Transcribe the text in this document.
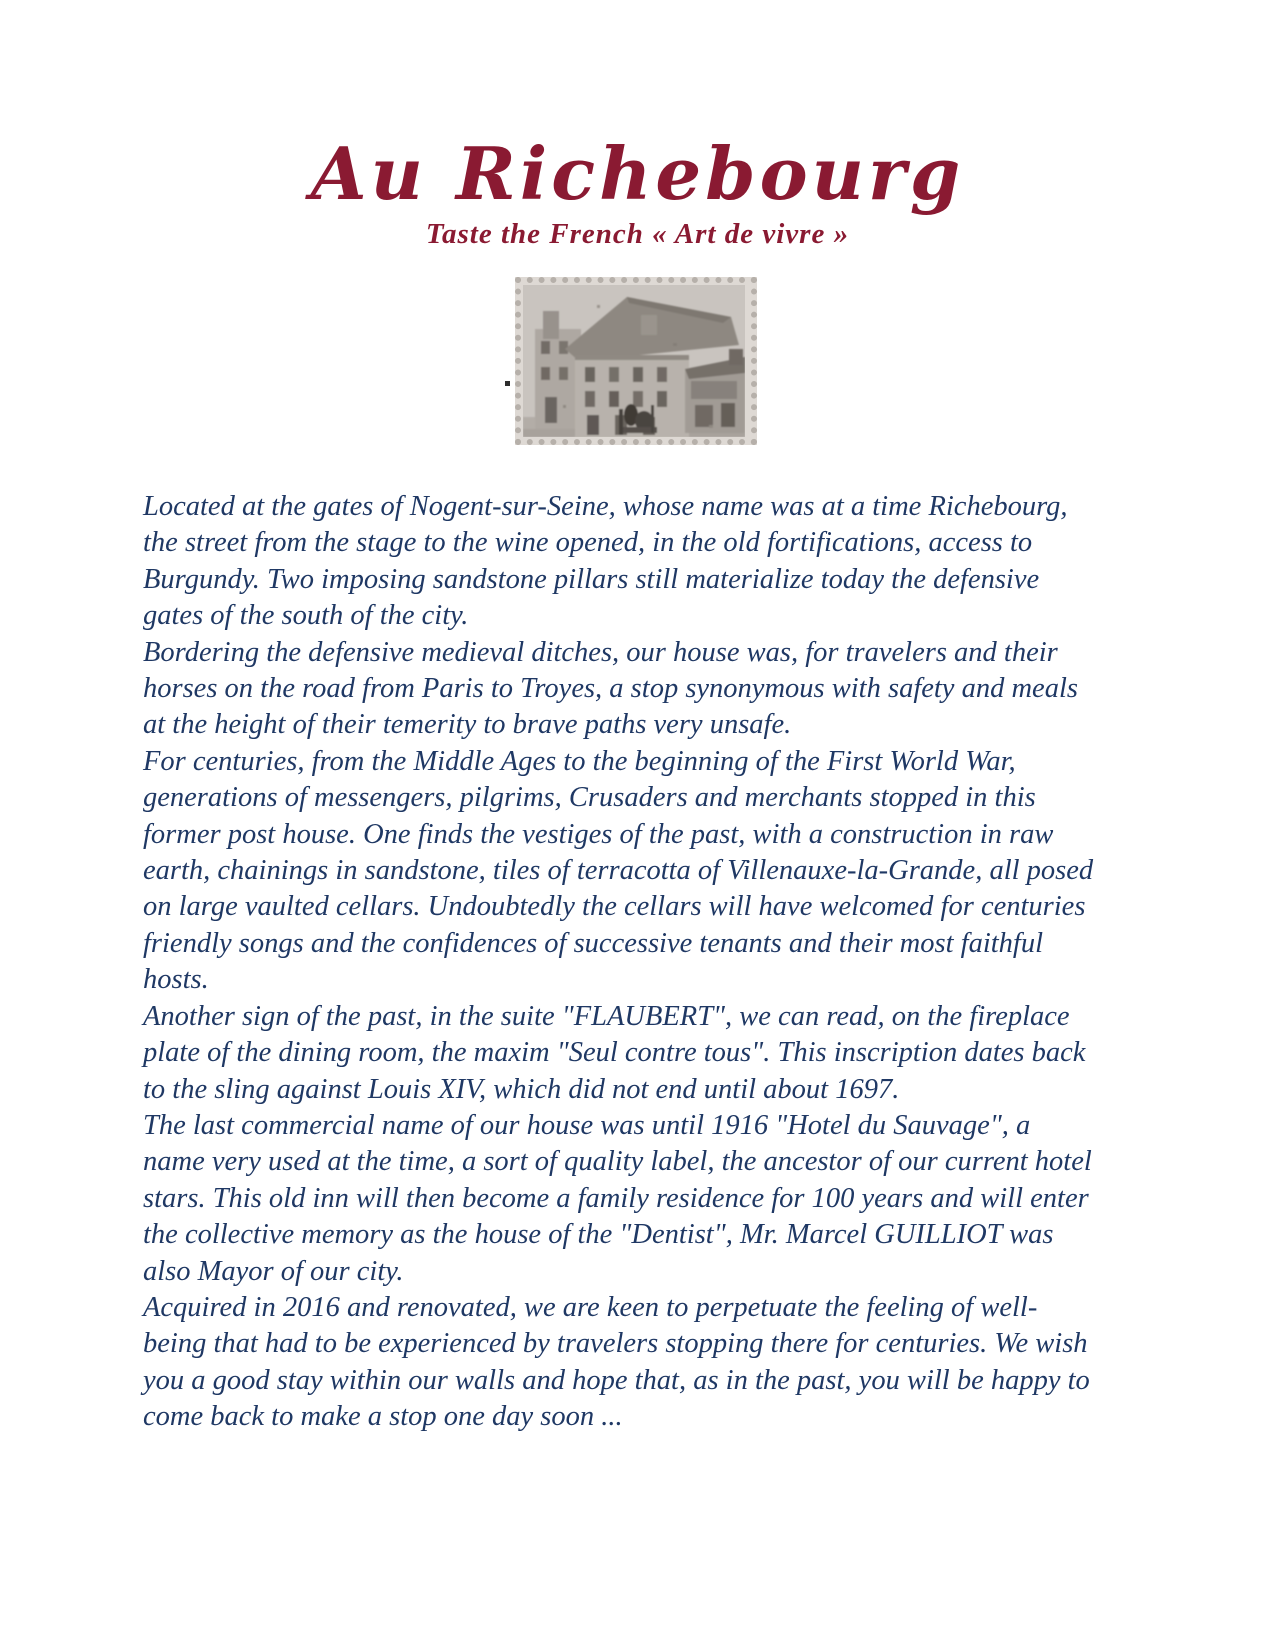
Au Richebourg
Taste the French « Art de vivre »

Located at the gates of Nogent-sur-Seine, whose name was at a time Richebourg, the street from the stage to the wine opened, in the old fortifications, access to Burgundy. Two imposing sandstone pillars still materialize today the defensive gates of the south of the city.

Bordering the defensive medieval ditches, our house was, for travelers and their horses on the road from Paris to Troyes, a stop synonymous with safety and meals at the height of their temerity to brave paths very unsafe.

For centuries, from the Middle Ages to the beginning of the First World War, generations of messengers, pilgrims, Crusaders and merchants stopped in this former post house. One finds the vestiges of the past, with a construction in raw earth, chainings in sandstone, tiles of terracotta of Villenauxe-la-Grande, all posed on large vaulted cellars. Undoubtedly the cellars will have welcomed for centuries friendly songs and the confidences of successive tenants and their most faithful hosts.

Another sign of the past, in the suite "FLAUBERT", we can read, on the fireplace plate of the dining room, the maxim "Seul contre tous". This inscription dates back to the sling against Louis XIV, which did not end until about 1697.

The last commercial name of our house was until 1916 "Hotel du Sauvage", a name very used at the time, a sort of quality label, the ancestor of our current hotel stars. This old inn will then become a family residence for 100 years and will enter the collective memory as the house of the "Dentist", Mr. Marcel GUILLIOT was also Mayor of our city.

Acquired in 2016 and renovated, we are keen to perpetuate the feeling of well-being that had to be experienced by travelers stopping there for centuries. We wish you a good stay within our walls and hope that, as in the past, you will be happy to come back to make a stop one day soon ...
